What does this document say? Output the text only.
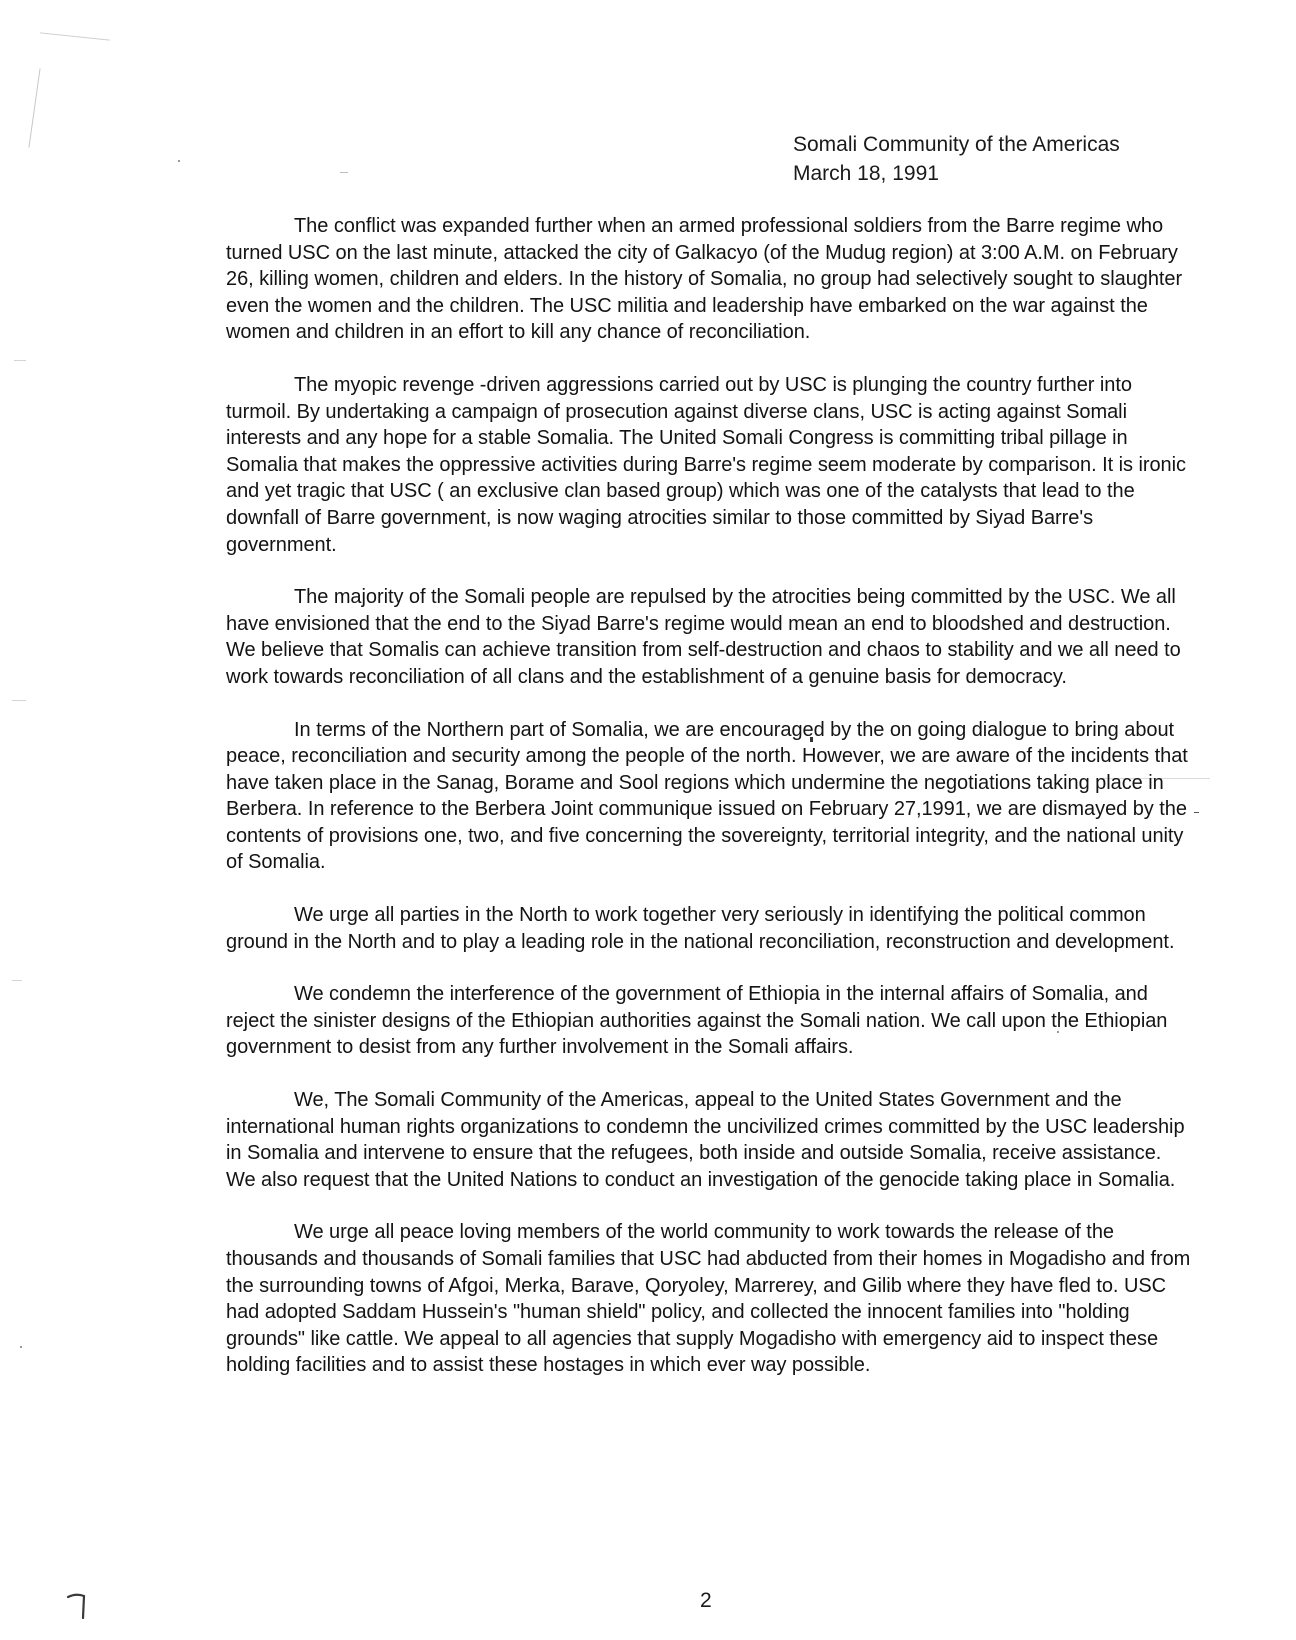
Somali Community of the Americas
March 18, 1991

The conflict was expanded further when an armed professional soldiers from the Barre regime who turned USC on the last minute, attacked the city of Galkacyo (of the Mudug region) at 3:00 A.M. on February 26, killing women, children and elders. In the history of Somalia, no group had selectively sought to slaughter even the women and the children. The USC militia and leadership have embarked on the war against the women and children in an effort to kill any chance of reconciliation.

The myopic revenge -driven aggressions carried out by USC is plunging the country further into turmoil. By undertaking a campaign of prosecution against diverse clans, USC is acting against Somali interests and any hope for a stable Somalia. The United Somali Congress is committing tribal pillage in Somalia that makes the oppressive activities during Barre's regime seem moderate by comparison. It is ironic and yet tragic that USC ( an exclusive clan based group) which was one of the catalysts that lead to the downfall of Barre government, is now waging atrocities similar to those committed by Siyad Barre's government.

The majority of the Somali people are repulsed by the atrocities being committed by the USC. We all have envisioned that the end to the Siyad Barre's regime would mean an end to bloodshed and destruction. We believe that Somalis can achieve transition from self-destruction and chaos to stability and we all need to work towards reconciliation of all clans and the establishment of a genuine basis for democracy.

In terms of the Northern part of Somalia, we are encouraged by the on going dialogue to bring about peace, reconciliation and security among the people of the north. However, we are aware of the incidents that have taken place in the Sanag, Borame and Sool regions which undermine the negotiations taking place in Berbera. In reference to the Berbera Joint communique issued on February 27,1991, we are dismayed by the contents of provisions one, two, and five concerning the sovereignty, territorial integrity, and the national unity of Somalia.

We urge all parties in the North to work together very seriously in identifying the political common ground in the North and to play a leading role in the national reconciliation, reconstruction and development.

We condemn the interference of the government of Ethiopia in the internal affairs of Somalia, and reject the sinister designs of the Ethiopian authorities against the Somali nation. We call upon the Ethiopian government to desist from any further involvement in the Somali affairs.

We, The Somali Community of the Americas, appeal to the United States Government and the international human rights organizations to condemn the uncivilized crimes committed by the USC leadership in Somalia and intervene to ensure that the refugees, both inside and outside Somalia, receive assistance. We also request that the United Nations to conduct an investigation of the genocide taking place in Somalia.

We urge all peace loving members of the world community to work towards the release of the thousands and thousands of Somali families that USC had abducted from their homes in Mogadisho and from the surrounding towns of Afgoi, Merka, Barave, Qoryoley, Marrerey, and Gilib where they have fled to. USC had adopted Saddam Hussein's "human shield" policy, and collected the innocent families into "holding grounds" like cattle. We appeal to all agencies that supply Mogadisho with emergency aid to inspect these holding facilities and to assist these hostages in which ever way possible.

2
